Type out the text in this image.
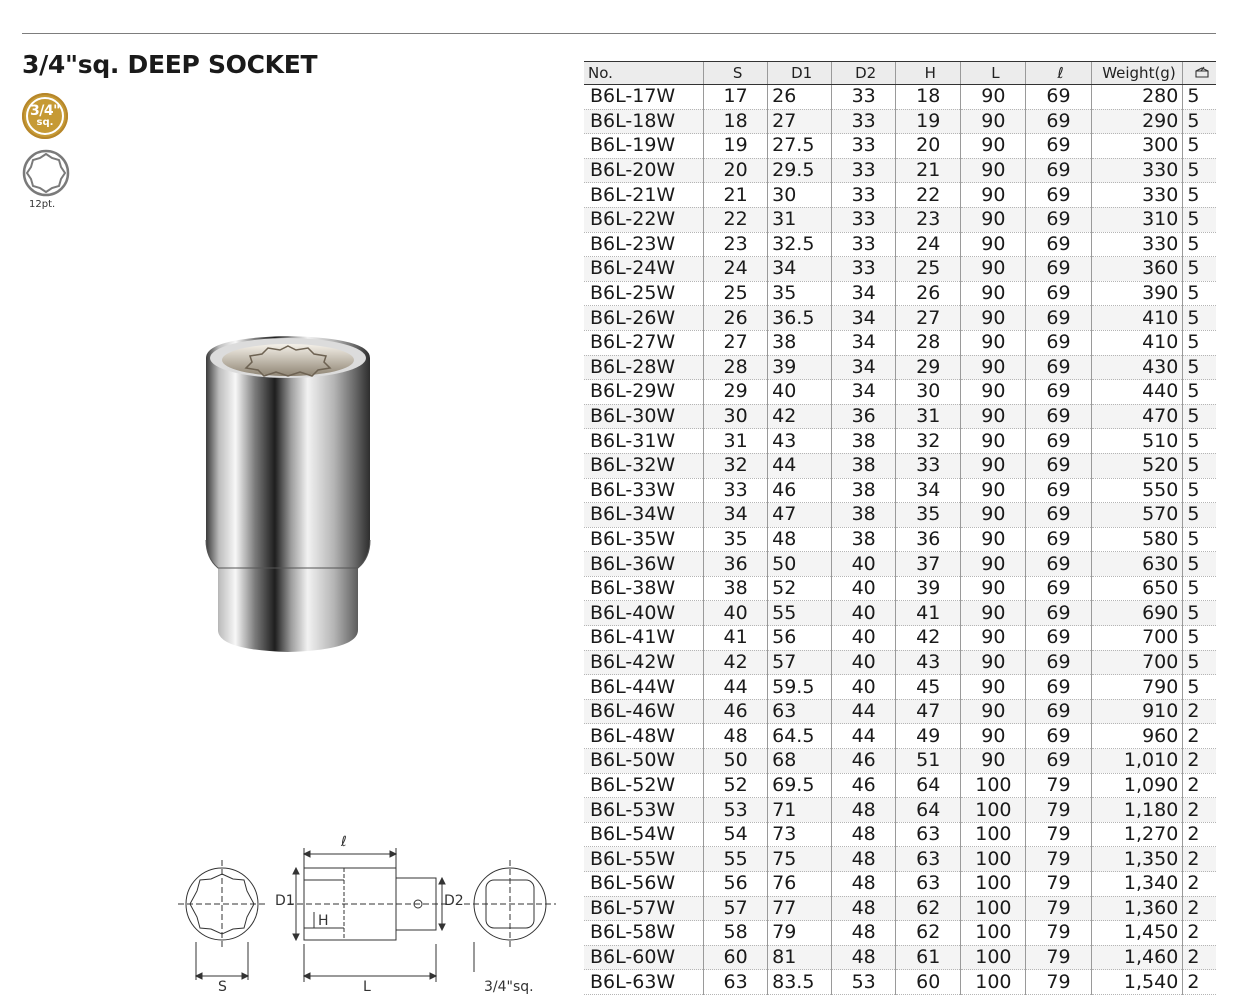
3/4"sq. DEEP SOCKET
3/4"
sq.
12pt.
ℓ
D1	D2
H
S	L	3/4"sq.
No.	S	D1	D2	H	L	ℓ	Weight(g)	
B6L-17W	17	26	33	18	90	69	280	5
B6L-18W	18	27	33	19	90	69	290	5
B6L-19W	19	27.5	33	20	90	69	300	5
B6L-20W	20	29.5	33	21	90	69	330	5
B6L-21W	21	30	33	22	90	69	330	5
B6L-22W	22	31	33	23	90	69	310	5
B6L-23W	23	32.5	33	24	90	69	330	5
B6L-24W	24	34	33	25	90	69	360	5
B6L-25W	25	35	34	26	90	69	390	5
B6L-26W	26	36.5	34	27	90	69	410	5
B6L-27W	27	38	34	28	90	69	410	5
B6L-28W	28	39	34	29	90	69	430	5
B6L-29W	29	40	34	30	90	69	440	5
B6L-30W	30	42	36	31	90	69	470	5
B6L-31W	31	43	38	32	90	69	510	5
B6L-32W	32	44	38	33	90	69	520	5
B6L-33W	33	46	38	34	90	69	550	5
B6L-34W	34	47	38	35	90	69	570	5
B6L-35W	35	48	38	36	90	69	580	5
B6L-36W	36	50	40	37	90	69	630	5
B6L-38W	38	52	40	39	90	69	650	5
B6L-40W	40	55	40	41	90	69	690	5
B6L-41W	41	56	40	42	90	69	700	5
B6L-42W	42	57	40	43	90	69	700	5
B6L-44W	44	59.5	40	45	90	69	790	5
B6L-46W	46	63	44	47	90	69	910	2
B6L-48W	48	64.5	44	49	90	69	960	2
B6L-50W	50	68	46	51	90	69	1,010	2
B6L-52W	52	69.5	46	64	100	79	1,090	2
B6L-53W	53	71	48	64	100	79	1,180	2
B6L-54W	54	73	48	63	100	79	1,270	2
B6L-55W	55	75	48	63	100	79	1,350	2
B6L-56W	56	76	48	63	100	79	1,340	2
B6L-57W	57	77	48	62	100	79	1,360	2
B6L-58W	58	79	48	62	100	79	1,450	2
B6L-60W	60	81	48	61	100	79	1,460	2
B6L-63W	63	83.5	53	60	100	79	1,540	2
